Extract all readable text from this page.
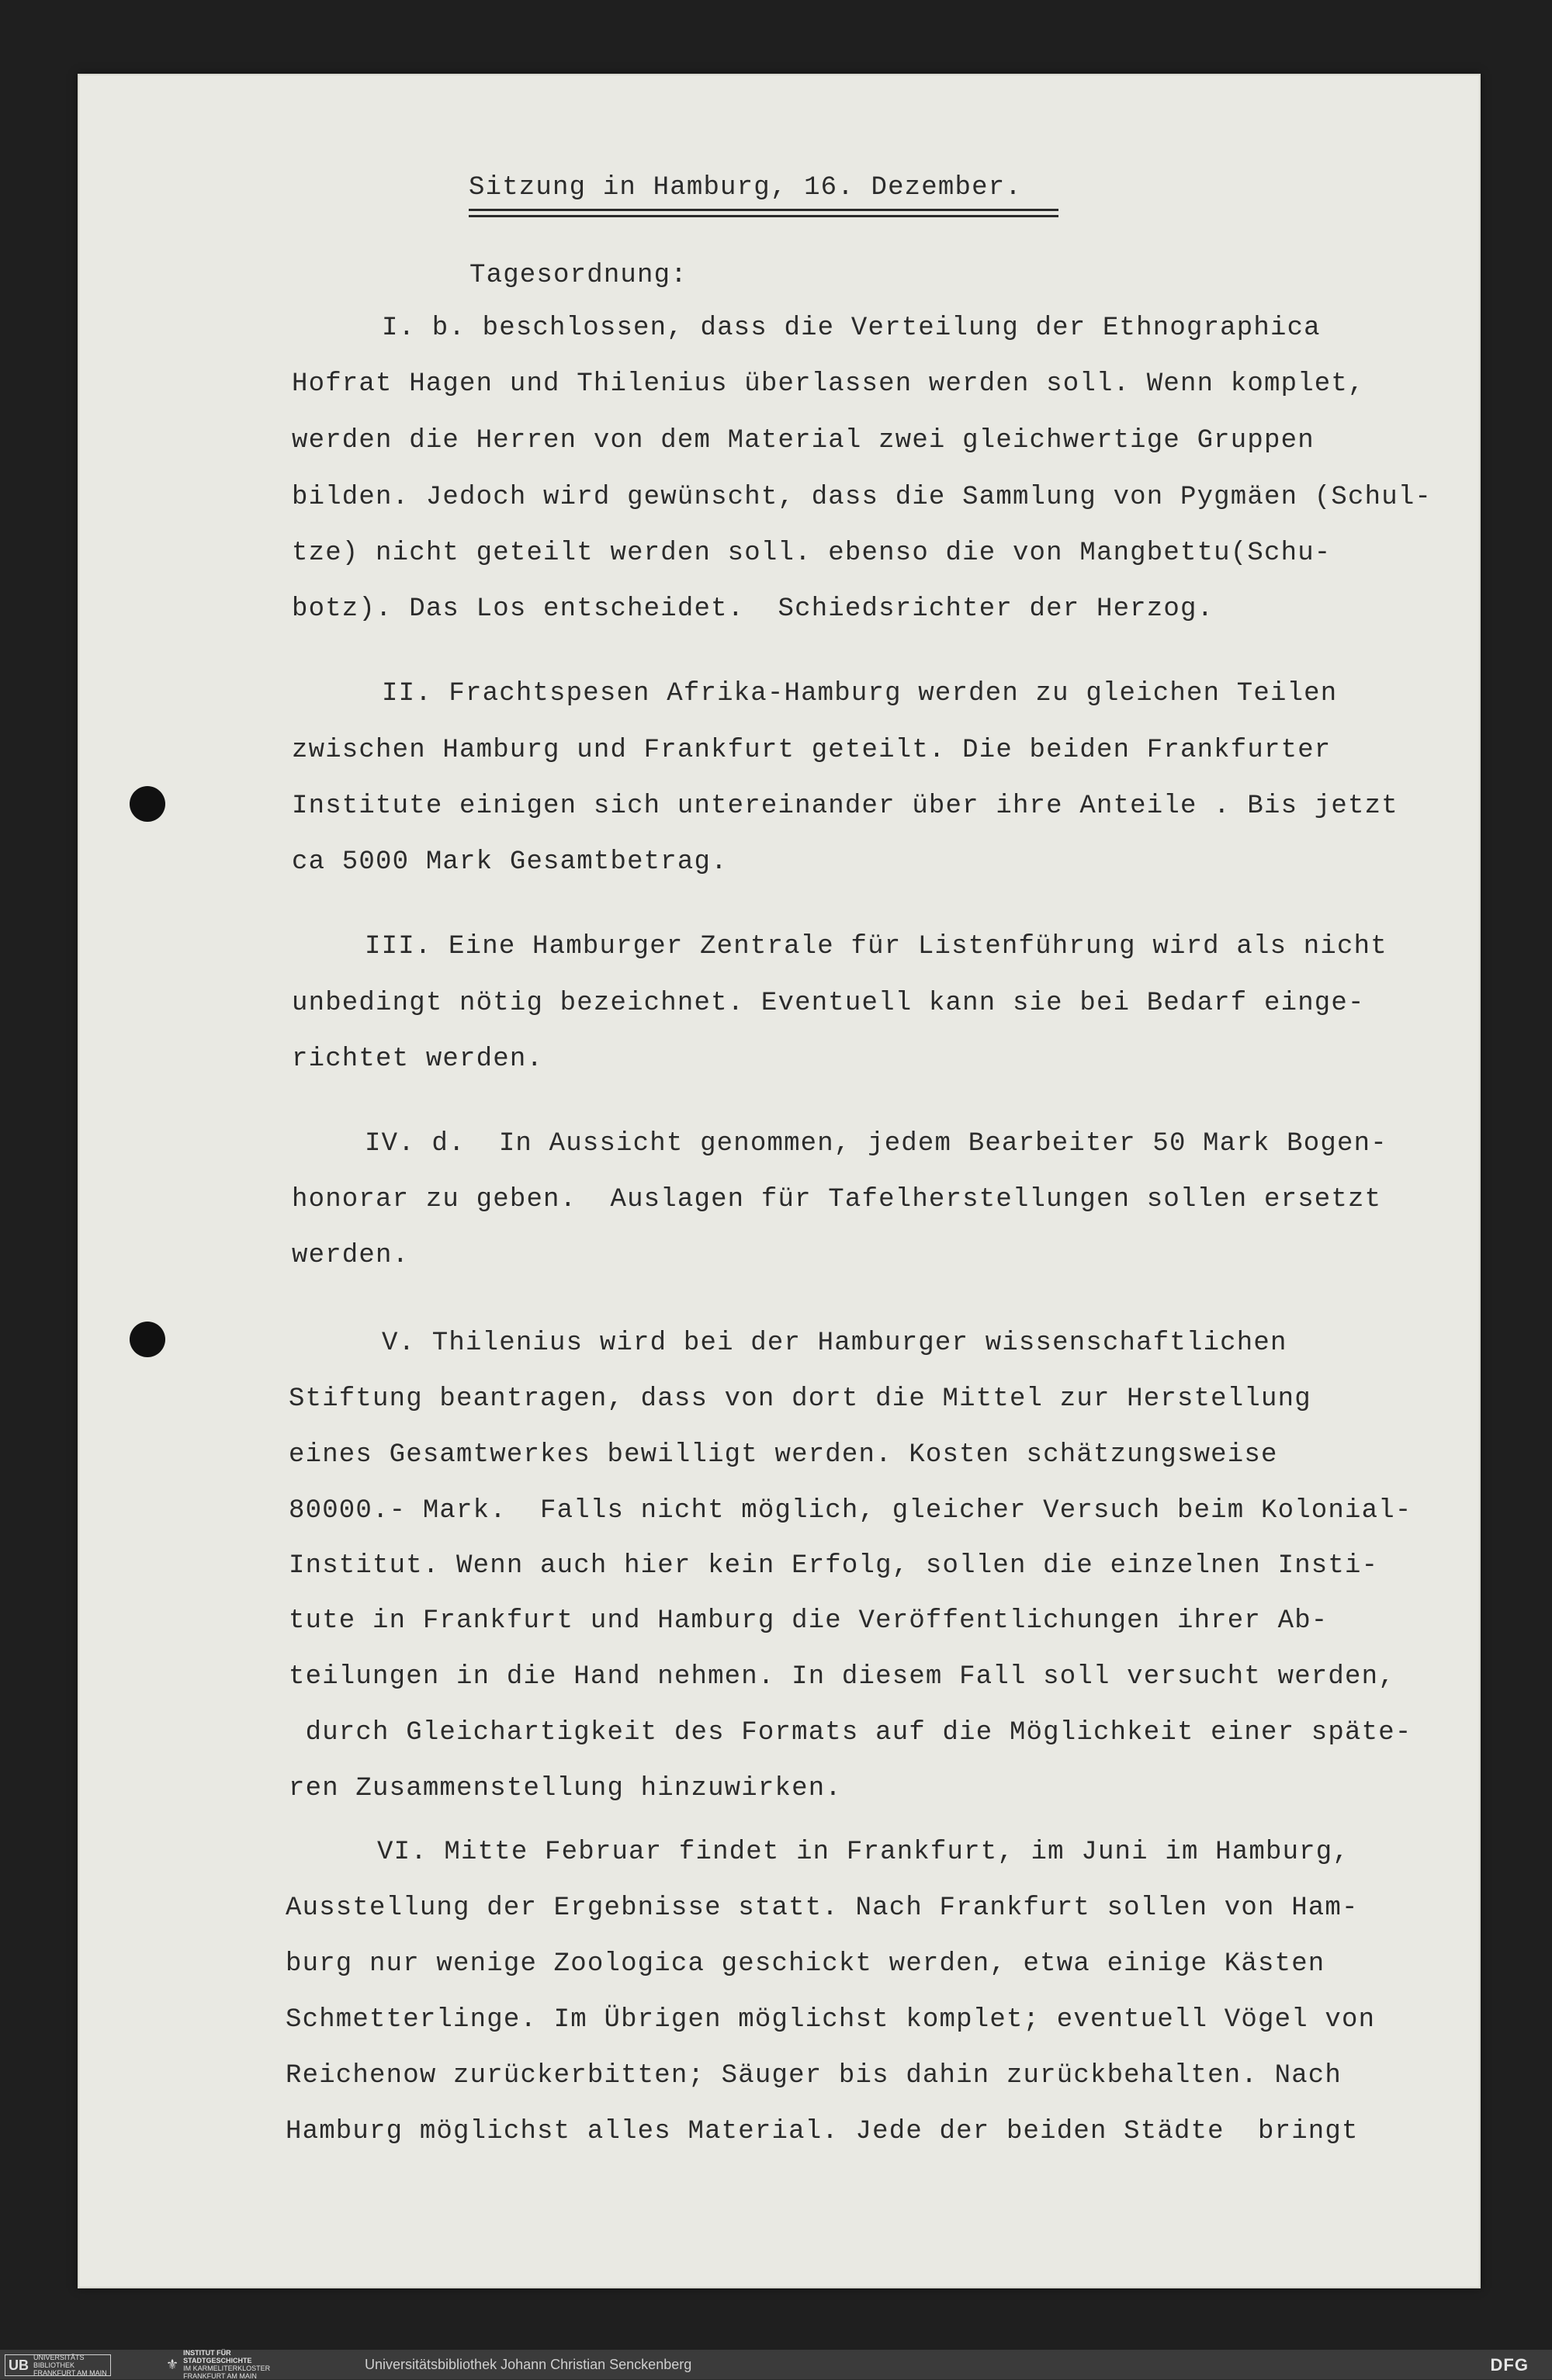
Sitzung in Hamburg, 16. Dezember.
Tagesordnung:
I. b. beschlossen, dass die Verteilung der Ethnographica
Hofrat Hagen und Thilenius überlassen werden soll. Wenn komplet,
werden die Herren von dem Material zwei gleichwertige Gruppen
bilden. Jedoch wird gewünscht, dass die Sammlung von Pygmäen (Schul-
tze) nicht geteilt werden soll. ebenso die von Mangbettu(Schu-
botz). Das Los entscheidet.  Schiedsrichter der Herzog.
II. Frachtspesen Afrika-Hamburg werden zu gleichen Teilen
zwischen Hamburg und Frankfurt geteilt. Die beiden Frankfurter
Institute einigen sich untereinander über ihre Anteile . Bis jetzt
ca 5000 Mark Gesamtbetrag.
III. Eine Hamburger Zentrale für Listenführung wird als nicht
unbedingt nötig bezeichnet. Eventuell kann sie bei Bedarf einge-
richtet werden.
IV. d.  In Aussicht genommen, jedem Bearbeiter 50 Mark Bogen-
honorar zu geben.  Auslagen für Tafelherstellungen sollen ersetzt
werden.
V. Thilenius wird bei der Hamburger wissenschaftlichen
Stiftung beantragen, dass von dort die Mittel zur Herstellung
eines Gesamtwerkes bewilligt werden. Kosten schätzungsweise
80000.- Mark.  Falls nicht möglich, gleicher Versuch beim Kolonial-
Institut. Wenn auch hier kein Erfolg, sollen die einzelnen Insti-
tute in Frankfurt und Hamburg die Veröffentlichungen ihrer Ab-
teilungen in die Hand nehmen. In diesem Fall soll versucht werden,
durch Gleichartigkeit des Formats auf die Möglichkeit einer späte-
ren Zusammenstellung hinzuwirken.
VI. Mitte Februar findet in Frankfurt, im Juni im Hamburg,
Ausstellung der Ergebnisse statt. Nach Frankfurt sollen von Ham-
burg nur wenige Zoologica geschickt werden, etwa einige Kästen
Schmetterlinge. Im Übrigen möglichst komplet; eventuell Vögel von
Reichenow zurückerbitten; Säuger bis dahin zurückbehalten. Nach
Hamburg möglichst alles Material. Jede der beiden Städte  bringt
UB UNIVERSITÄTS
BIBLIOTHEK
FRANKFURT AM MAIN
⚜
INSTITUT FÜR
STADTGESCHICHTE
IM KARMELITERKLOSTER
FRANKFURT AM MAIN
Universitätsbibliothek Johann Christian Senckenberg	DFG
